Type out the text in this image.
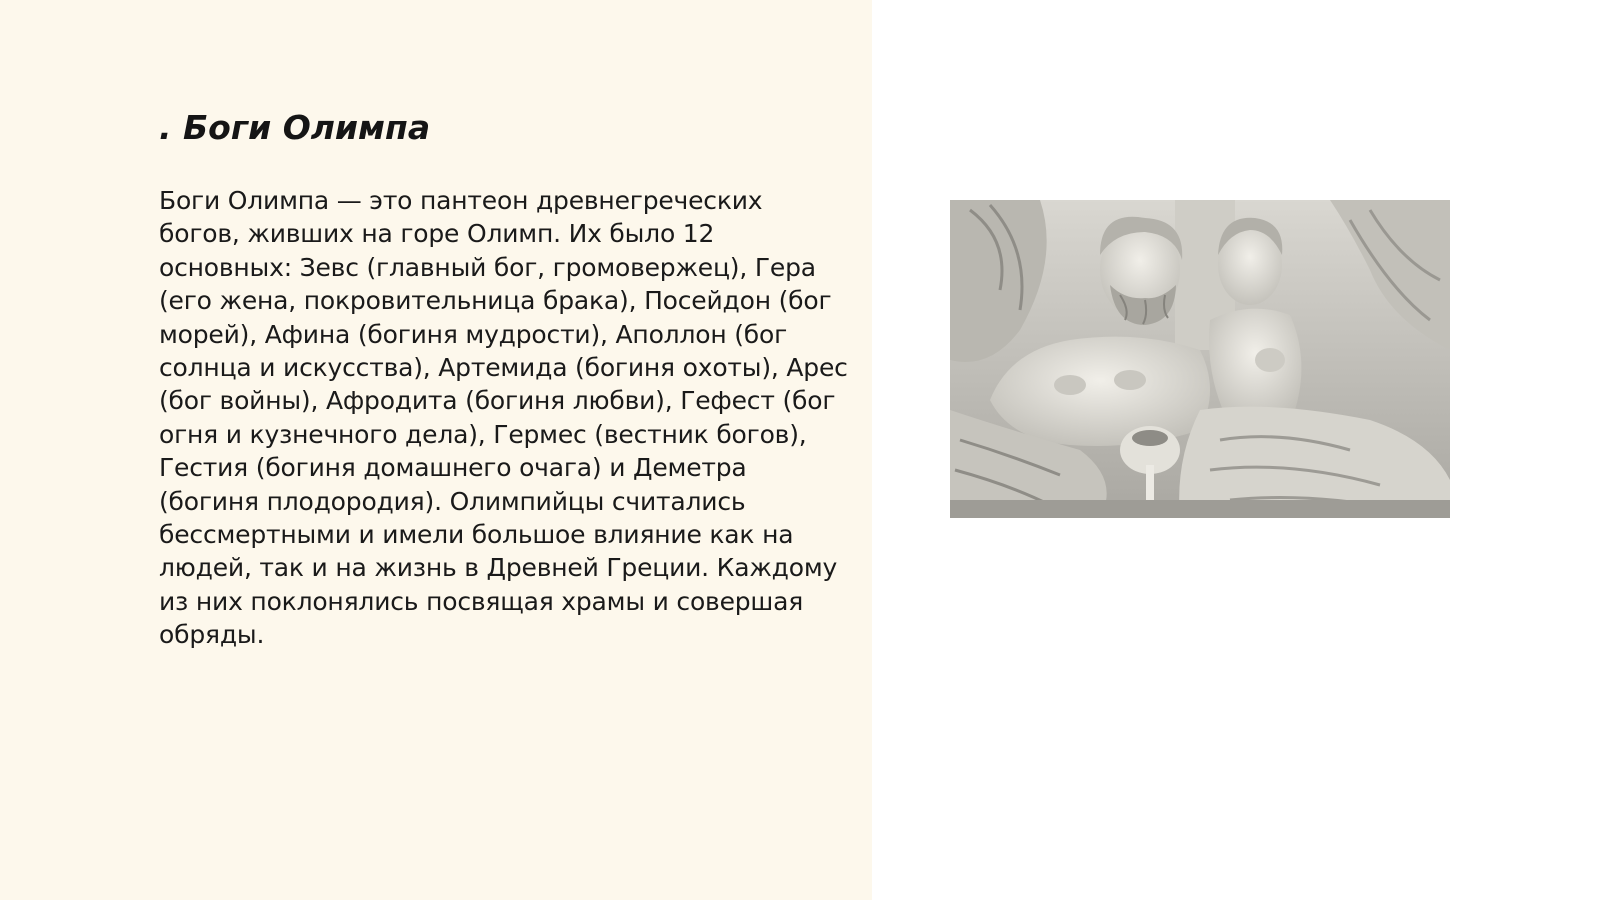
. Боги Олимпа

Боги Олимпа — это пантеон древнегреческих богов, живших на горе Олимп. Их было 12 основных: Зевс (главный бог, громовержец), Гера (его жена, покровительница брака), Посейдон (бог морей), Афина (богиня мудрости), Аполлон (бог солнца и искусства), Артемида (богиня охоты), Арес (бог войны), Афродита (богиня любви), Гефест (бог огня и кузнечного дела), Гермес (вестник богов), Гестия (богиня домашнего очага) и Деметра (богиня плодородия). Олимпийцы считались бессмертными и имели большое влияние как на людей, так и на жизнь в Древней Греции. Каждому из них поклонялись посвящая храмы и совершая обряды.
